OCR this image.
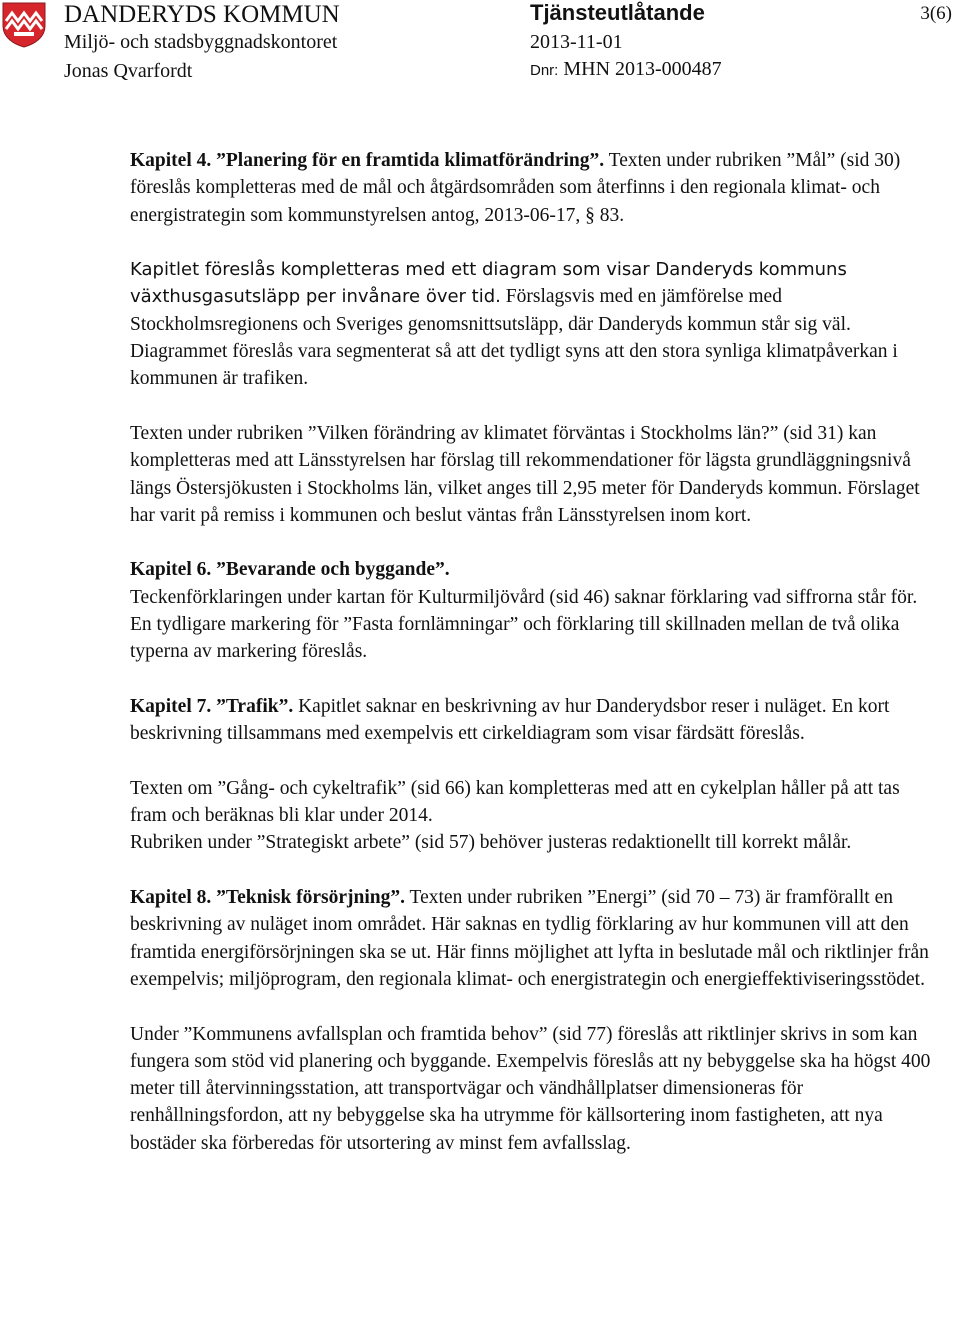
DANDERYDS KOMMUN
Miljö- och stadsbyggnadskontoret
Jonas Qvarfordt
Tjänsteutlåtande
2013-11-01
Dnr: MHN 2013-000487
3(6)

Kapitel 4. ”Planering för en framtida klimatförändring”. Texten under rubriken ”Mål” (sid 30) föreslås kompletteras med de mål och åtgärdsområden som återfinns i den regionala klimat- och energistrategin som kommunstyrelsen antog, 2013-06-17, § 83.

Kapitlet föreslås kompletteras med ett diagram som visar Danderyds kommuns växthusgasutsläpp per invånare över tid. Förslagsvis med en jämförelse med Stockholmsregionens och Sveriges genomsnittsutsläpp, där Danderyds kommun står sig väl. Diagrammet föreslås vara segmenterat så att det tydligt syns att den stora synliga klimatpåverkan i kommunen är trafiken.

Texten under rubriken ”Vilken förändring av klimatet förväntas i Stockholms län?” (sid 31) kan kompletteras med att Länsstyrelsen har förslag till rekommendationer för lägsta grundläggningsnivå längs Östersjökusten i Stockholms län, vilket anges till 2,95 meter för Danderyds kommun. Förslaget har varit på remiss i kommunen och beslut väntas från Länsstyrelsen inom kort.

Kapitel 6. ”Bevarande och byggande”.
Teckenförklaringen under kartan för Kulturmiljövård (sid 46) saknar förklaring vad siffrorna står för. En tydligare markering för ”Fasta fornlämningar” och förklaring till skillnaden mellan de två olika typerna av markering föreslås.

Kapitel 7. ”Trafik”. Kapitlet saknar en beskrivning av hur Danderydsbor reser i nuläget. En kort beskrivning tillsammans med exempelvis ett cirkeldiagram som visar färdsätt föreslås.

Texten om ”Gång- och cykeltrafik” (sid 66) kan kompletteras med att en cykelplan håller på att tas fram och beräknas bli klar under 2014.

Rubriken under ”Strategiskt arbete” (sid 57) behöver justeras redaktionellt till korrekt målår.

Kapitel 8. ”Teknisk försörjning”. Texten under rubriken ”Energi” (sid 70 – 73) är framförallt en beskrivning av nuläget inom området. Här saknas en tydlig förklaring av hur kommunen vill att den framtida energiförsörjningen ska se ut. Här finns möjlighet att lyfta in beslutade mål och riktlinjer från exempelvis; miljöprogram, den regionala klimat- och energistrategin och energieffektiviseringsstödet.

Under ”Kommunens avfallsplan och framtida behov” (sid 77) föreslås att riktlinjer skrivs in som kan fungera som stöd vid planering och byggande. Exempelvis föreslås att ny bebyggelse ska ha högst 400 meter till återvinningsstation, att transportvägar och vändhållplatser dimensioneras för renhållningsfordon, att ny bebyggelse ska ha utrymme för källsortering inom fastigheten, att nya bostäder ska förberedas för utsortering av minst fem avfallsslag.
